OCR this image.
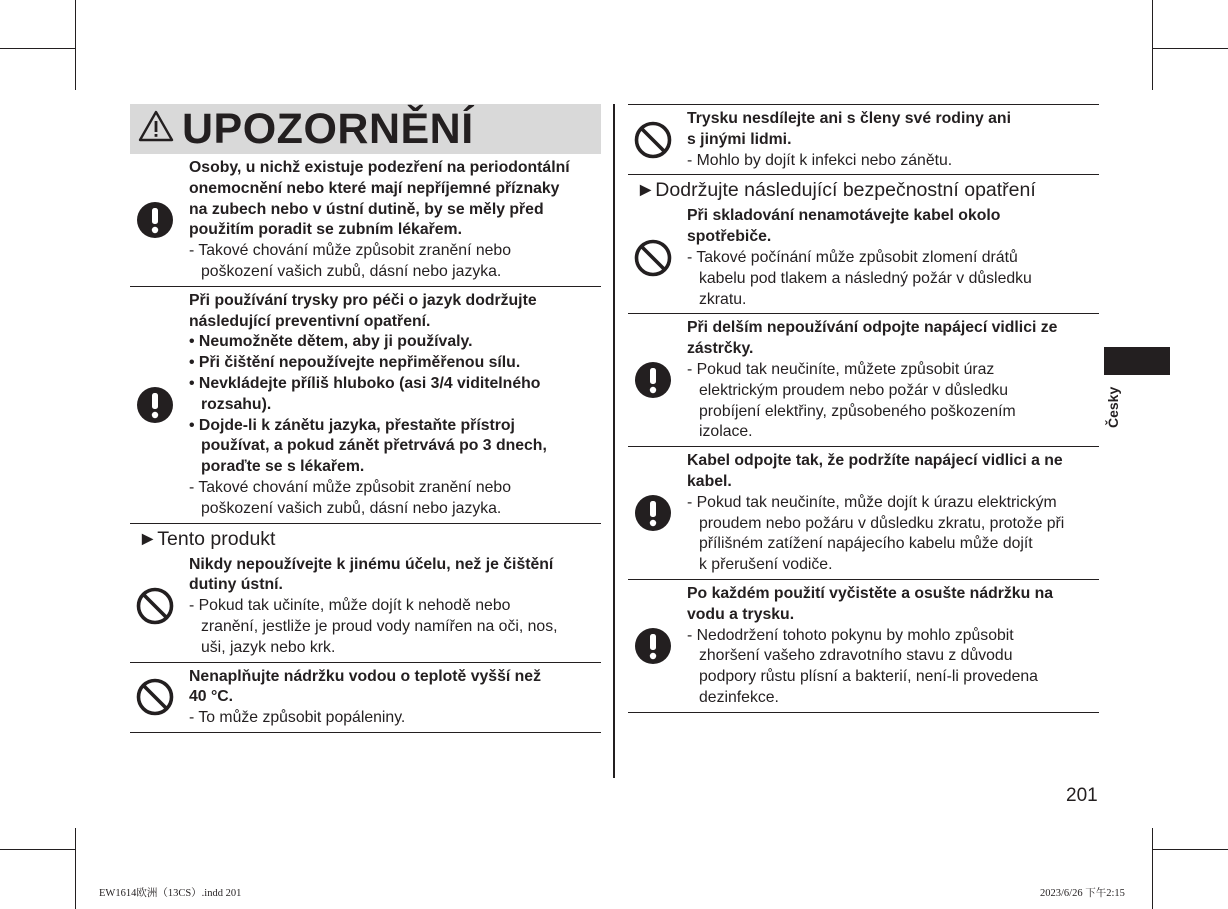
UPOZORNĚNÍ
Osoby, u nichž existuje podezření na periodontální
onemocnění nebo které mají nepříjemné příznaky
na zubech nebo v ústní dutině, by se měly před
použitím poradit se zubním lékařem.
- Takové chování může způsobit zranění nebo
poškození vašich zubů, dásní nebo jazyka.
Při používání trysky pro péči o jazyk dodržujte
následující preventivní opatření.
• Neumožněte dětem, aby ji používaly.
• Při čištění nepoužívejte nepřiměřenou sílu.
• Nevkládejte příliš hluboko (asi 3/4 viditelného
rozsahu).
• Dojde-li k zánětu jazyka, přestaňte přístroj
používat, a pokud zánět přetrvává po 3 dnech,
poraďte se s lékařem.
- Takové chování může způsobit zranění nebo
poškození vašich zubů, dásní nebo jazyka.
►Tento produkt
Nikdy nepoužívejte k jinému účelu, než je čištění
dutiny ústní.
- Pokud tak učiníte, může dojít k nehodě nebo
zranění, jestliže je proud vody namířen na oči, nos,
uši, jazyk nebo krk.
Nenaplňujte nádržku vodou o teplotě vyšší než
40 °C.
- To může způsobit popáleniny.
Trysku nesdílejte ani s členy své rodiny ani
s jinými lidmi.
- Mohlo by dojít k infekci nebo zánětu.
►Dodržujte následující bezpečnostní opatření
Při skladování nenamotávejte kabel okolo
spotřebiče.
- Takové počínání může způsobit zlomení drátů
kabelu pod tlakem a následný požár v důsledku
zkratu.
Při delším nepoužívání odpojte napájecí vidlici ze
zástrčky.
- Pokud tak neučiníte, můžete způsobit úraz
elektrickým proudem nebo požár v důsledku
probíjení elektřiny, způsobeného poškozením
izolace.
Kabel odpojte tak, že podržíte napájecí vidlici a ne
kabel.
- Pokud tak neučiníte, může dojít k úrazu elektrickým
proudem nebo požáru v důsledku zkratu, protože při
přílišném zatížení napájecího kabelu může dojít
k přerušení vodiče.
Po každém použití vyčistěte a osušte nádržku na
vodu a trysku.
- Nedodržení tohoto pokynu by mohlo způsobit
zhoršení vašeho zdravotního stavu z důvodu
podpory růstu plísní a bakterií, není-li provedena
dezinfekce.
Česky
201
EW1614欧洲（13CS）.indd 201	2023/6/26 下午2:15
